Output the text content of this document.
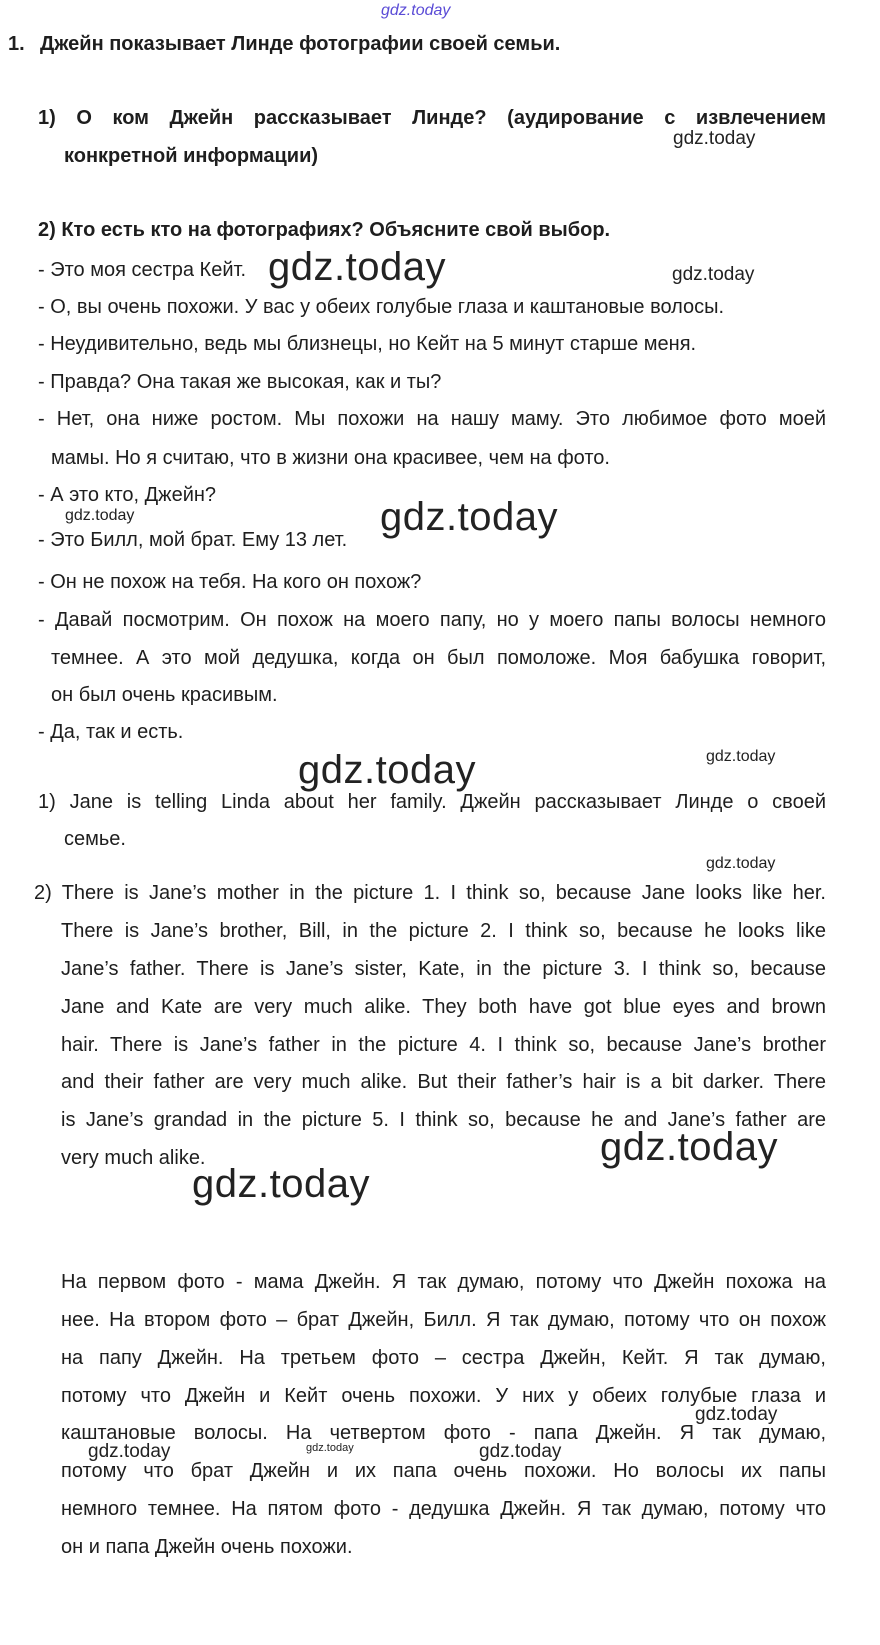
gdz.today
1. Джейн показывает Линде фотографии своей семьи.
1) О ком Джейн рассказывает Линде? (аудирование с извлечением
конкретной информации)
gdz.today
2) Кто есть кто на фотографиях? Объясните свой выбор.
- Это моя сестра Кейт.
- О, вы очень похожи. У вас у обеих голубые глаза и каштановые волосы.
- Неудивительно, ведь мы близнецы, но Кейт на 5 минут старше меня.
- Правда? Она такая же высокая, как и ты?
- Нет, она ниже ростом. Мы похожи на нашу маму. Это любимое фото моей
мамы. Но я считаю, что в жизни она красивее, чем на фото.
- А это кто, Джейн?
- Это Билл, мой брат. Ему 13 лет.
- Он не похож на тебя. На кого он похож?
- Давай посмотрим. Он похож на моего папу, но у моего папы волосы немного
темнее. А это мой дедушка, когда он был помоложе. Моя бабушка говорит,
он был очень красивым.
- Да, так и есть.
gdz.today	gdz.today
gdz.today	gdz.today
gdz.today	gdz.today
1) Jane is telling Linda about her family. Джейн рассказывает Линде о своей
семье.
gdz.today
2) There is Jane’s mother in the picture 1. I think so, because Jane looks like her.
There is Jane’s brother, Bill, in the picture 2. I think so, because he looks like
Jane’s father. There is Jane’s sister, Kate, in the picture 3. I think so, because
Jane and Kate are very much alike. They both have got blue eyes and brown
hair. There is Jane’s father in the picture 4. I think so, because Jane’s brother
and their father are very much alike. But their father’s hair is a bit darker. There
is Jane’s grandad in the picture 5. I think so, because he and Jane’s father are
very much alike.	gdz.today
gdz.today
На первом фото - мама Джейн. Я так думаю, потому что Джейн похожа на
нее. На втором фото – брат Джейн, Билл. Я так думаю, потому что он похож
на папу Джейн. На третьем фото – сестра Джейн, Кейт. Я так думаю,
потому что Джейн и Кейт очень похожи. У них у обеих голубые глаза и
каштановые волосы. На четвертом фото - папа Джейн. Я так думаю,
потому что брат Джейн и их папа очень похожи. Но волосы их папы
немного темнее. На пятом фото - дедушка Джейн. Я так думаю, потому что
он и папа Джейн очень похожи.
gdz.today
gdz.today	gdz.today	gdz.today
